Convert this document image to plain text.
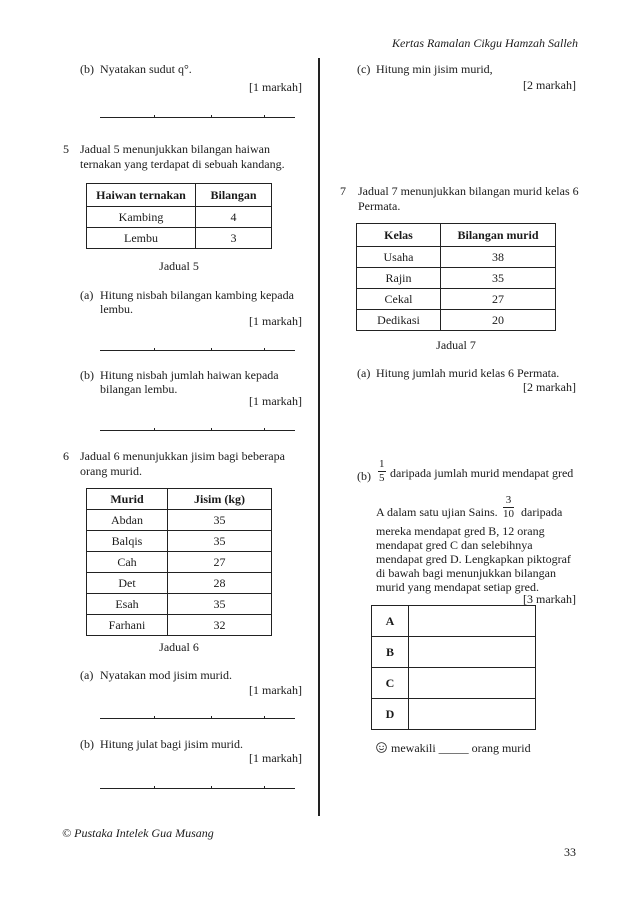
Kertas Ramalan Cikgu Hamzah Salleh
(b) Nyatakan sudut q°.
[1 markah]
5 Jadual 5 menunjukkan bilangan haiwan
ternakan yang terdapat di sebuah kandang.
Haiwan ternakan	Bilangan
Kambing	4
Lembu	3
Jadual 5
(a) Hitung nisbah bilangan kambing kepada
lembu.
[1 markah]
(b) Hitung nisbah jumlah haiwan kepada
bilangan lembu.
[1 markah]
6 Jadual 6 menunjukkan jisim bagi beberapa
orang murid.
Murid	Jisim (kg)
Abdan	35
Balqis	35
Cah	27
Det	28
Esah	35
Farhani	32
Jadual 6
(a) Nyatakan mod jisim murid.
[1 markah]
(b) Hitung julat bagi jisim murid.
[1 markah]
(c) Hitung min jisim murid,
[2 markah]
7 Jadual 7 menunjukkan bilangan murid kelas 6
Permata.
Kelas	Bilangan murid
Usaha	38
Rajin	35
Cekal	27
Dedikasi	20
Jadual 7
(a) Hitung jumlah murid kelas 6 Permata.
[2 markah]
$(b) \frac{1}{5}$ daripada jumlah murid mendapat gred
A dalam satu ujian Sains. $\frac{3}{10}$ daripada
mereka mendapat gred B, 12 orang
mendapat gred C dan selebihnya
mendapat gred D. Lengkapkan piktograf
di bawah bagi menunjukkan bilangan
murid yang mendapat setiap gred.
[3 markah]
A	
B	
C	
D	
mewakili _____ orang murid
© Pustaka Intelek Gua Musang
33
